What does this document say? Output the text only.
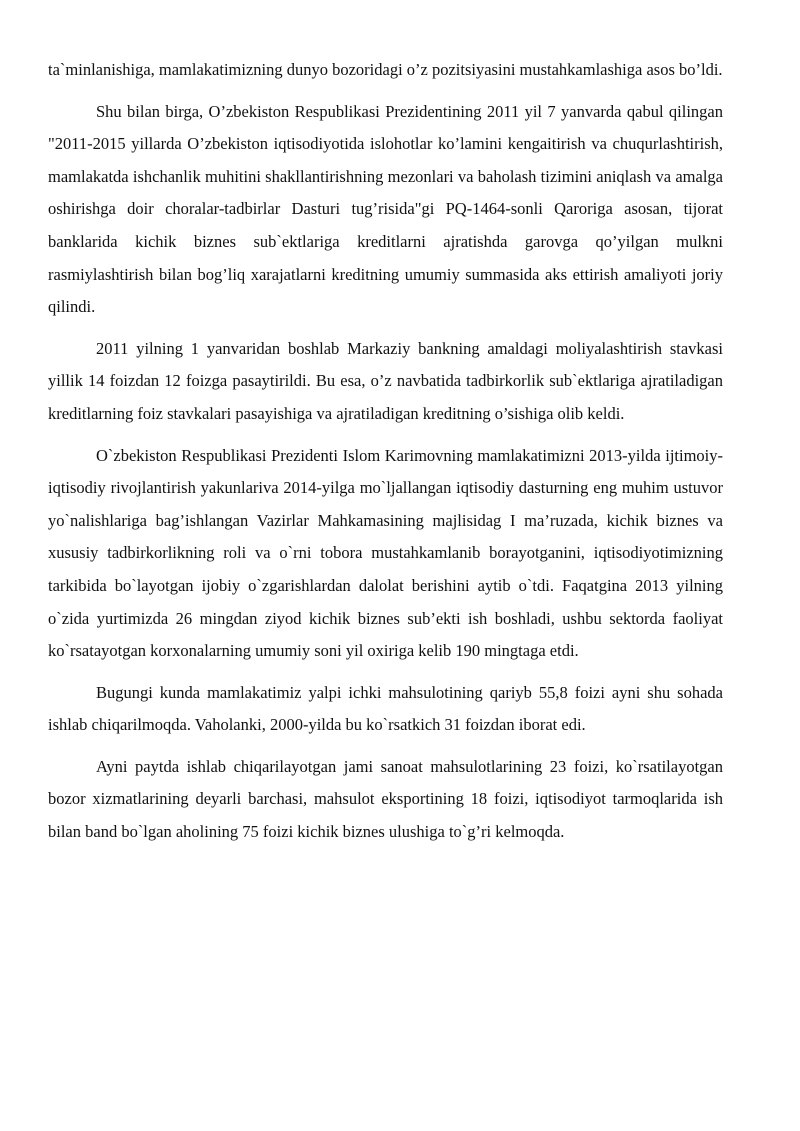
ta`minlanishiga, mamlakatimizning dunyo bozoridagi o’z pozitsiyasini mustahkamlashiga asos bo’ldi.

Shu bilan birga, O’zbekiston Respublikasi Prezidentining 2011 yil 7 yanvarda qabul qilingan "2011-2015 yillarda O’zbekiston iqtisodiyotida islohotlar ko’lamini kengaitirish va chuqurlashtirish, mamlakatda ishchanlik muhitini shakllantirishning mezonlari va baholash tizimini aniqlash va amalga oshirishga doir choralar-tadbirlar Dasturi tug’risida"gi PQ-1464-sonli Qaroriga asosan, tijorat banklarida kichik biznes sub`ektlariga kreditlarni ajratishda garovga qo’yilgan mulkni rasmiylashtirish bilan bog’liq xarajatlarni kreditning umumiy summasida aks ettirish amaliyoti joriy qilindi.

2011 yilning 1 yanvaridan boshlab Markaziy bankning amaldagi moliyalashtirish stavkasi yillik 14 foizdan 12 foizga pasaytirildi. Bu esa, o’z navbatida tadbirkorlik sub`ektlariga ajratiladigan kreditlarning foiz stavkalari pasayishiga va ajratiladigan kreditning o’sishiga olib keldi.

O`zbekiston Respublikasi Prezidenti Islom Karimovning mamlakatimizni 2013-yilda ijtimoiy-iqtisodiy rivojlantirish yakunlariva 2014-yilga mo`ljallangan iqtisodiy dasturning eng muhim ustuvor yo`nalishlariga bag’ishlangan Vazirlar Mahkamasining majlisidag I ma’ruzada, kichik biznes va xususiy tadbirkorlikning roli va o`rni tobora mustahkamlanib borayotganini, iqtisodiyotimizning tarkibida bo`layotgan ijobiy o`zgarishlardan dalolat berishini aytib o`tdi. Faqatgina 2013 yilning o`zida yurtimizda 26 mingdan ziyod kichik biznes sub’ekti ish boshladi, ushbu sektorda faoliyat ko`rsatayotgan korxonalarning umumiy soni yil oxiriga kelib 190 mingtaga etdi.

Bugungi kunda mamlakatimiz yalpi ichki mahsulotining qariyb 55,8 foizi ayni shu sohada ishlab chiqarilmoqda. Vaholanki, 2000-yilda bu ko`rsatkich 31 foizdan iborat edi.

Ayni paytda ishlab chiqarilayotgan jami sanoat mahsulotlarining 23 foizi, ko`rsatilayotgan bozor xizmatlarining deyarli barchasi, mahsulot eksportining 18 foizi, iqtisodiyot tarmoqlarida ish bilan band bo`lgan aholining 75 foizi kichik biznes ulushiga to`g’ri kelmoqda.
